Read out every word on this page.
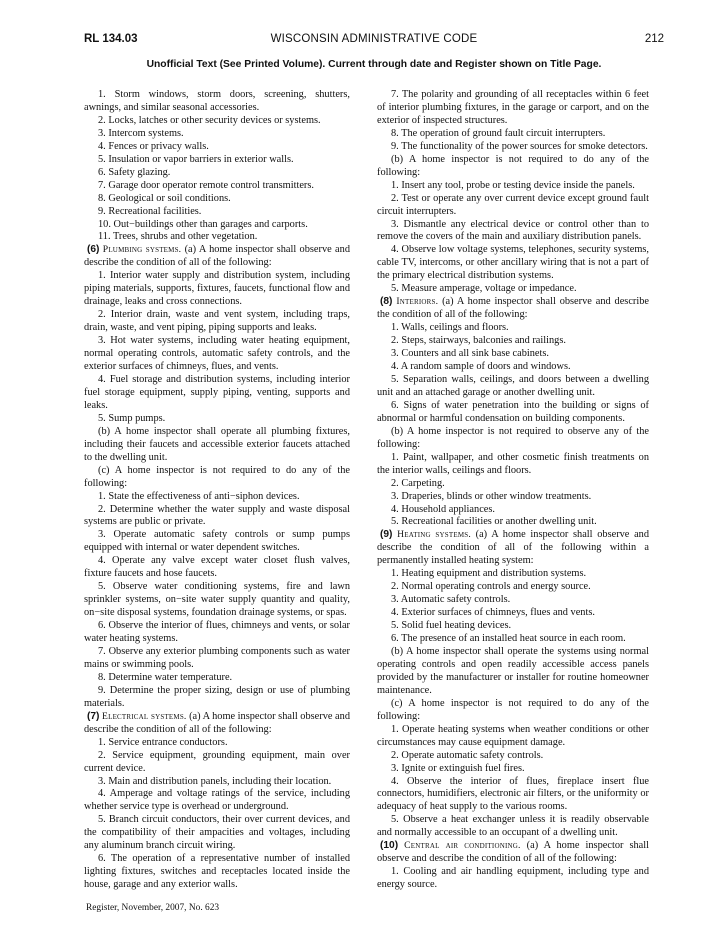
RL 134.03	WISCONSIN ADMINISTRATIVE CODE	212
Unofficial Text (See Printed Volume). Current through date and Register shown on Title Page.

1. Storm windows, storm doors, screening, shutters, awnings, and similar seasonal accessories.

2. Locks, latches or other security devices or systems.

3. Intercom systems.

4. Fences or privacy walls.

5. Insulation or vapor barriers in exterior walls.

6. Safety glazing.

7. Garage door operator remote control transmitters.

8. Geological or soil conditions.

9. Recreational facilities.

10. Out−buildings other than garages and carports.

11. Trees, shrubs and other vegetation.

(6) Plumbing systems. (a) A home inspector shall observe and describe the condition of all of the following:

1. Interior water supply and distribution system, including piping materials, supports, fixtures, faucets, functional flow and drainage, leaks and cross connections.

2. Interior drain, waste and vent system, including traps, drain, waste, and vent piping, piping supports and leaks.

3. Hot water systems, including water heating equipment, normal operating controls, automatic safety controls, and the exterior surfaces of chimneys, flues, and vents.

4. Fuel storage and distribution systems, including interior fuel storage equipment, supply piping, venting, supports and leaks.

5. Sump pumps.

(b) A home inspector shall operate all plumbing fixtures, including their faucets and accessible exterior faucets attached to the dwelling unit.

(c) A home inspector is not required to do any of the following:

1. State the effectiveness of anti−siphon devices.

2. Determine whether the water supply and waste disposal systems are public or private.

3. Operate automatic safety controls or sump pumps equipped with internal or water dependent switches.

4. Operate any valve except water closet flush valves, fixture faucets and hose faucets.

5. Observe water conditioning systems, fire and lawn sprinkler systems, on−site water supply quantity and quality, on−site disposal systems, foundation drainage systems, or spas.

6. Observe the interior of flues, chimneys and vents, or solar water heating systems.

7. Observe any exterior plumbing components such as water mains or swimming pools.

8. Determine water temperature.

9. Determine the proper sizing, design or use of plumbing materials.

(7) Electrical systems. (a) A home inspector shall observe and describe the condition of all of the following:

1. Service entrance conductors.

2. Service equipment, grounding equipment, main over current device.

3. Main and distribution panels, including their location.

4. Amperage and voltage ratings of the service, including whether service type is overhead or underground.

5. Branch circuit conductors, their over current devices, and the compatibility of their ampacities and voltages, including any aluminum branch circuit wiring.

6. The operation of a representative number of installed lighting fixtures, switches and receptacles located inside the house, garage and any exterior walls.

7. The polarity and grounding of all receptacles within 6 feet of interior plumbing fixtures, in the garage or carport, and on the exterior of inspected structures.

8. The operation of ground fault circuit interrupters.

9. The functionality of the power sources for smoke detectors.

(b) A home inspector is not required to do any of the following:

1. Insert any tool, probe or testing device inside the panels.

2. Test or operate any over current device except ground fault circuit interrupters.

3. Dismantle any electrical device or control other than to remove the covers of the main and auxiliary distribution panels.

4. Observe low voltage systems, telephones, security systems, cable TV, intercoms, or other ancillary wiring that is not a part of the primary electrical distribution systems.

5. Measure amperage, voltage or impedance.

(8) Interiors. (a) A home inspector shall observe and describe the condition of all of the following:

1. Walls, ceilings and floors.

2. Steps, stairways, balconies and railings.

3. Counters and all sink base cabinets.

4. A random sample of doors and windows.

5. Separation walls, ceilings, and doors between a dwelling unit and an attached garage or another dwelling unit.

6. Signs of water penetration into the building or signs of abnormal or harmful condensation on building components.

(b) A home inspector is not required to observe any of the following:

1. Paint, wallpaper, and other cosmetic finish treatments on the interior walls, ceilings and floors.

2. Carpeting.

3. Draperies, blinds or other window treatments.

4. Household appliances.

5. Recreational facilities or another dwelling unit.

(9) Heating systems. (a) A home inspector shall observe and describe the condition of all of the following within a permanently installed heating system:

1. Heating equipment and distribution systems.

2. Normal operating controls and energy source.

3. Automatic safety controls.

4. Exterior surfaces of chimneys, flues and vents.

5. Solid fuel heating devices.

6. The presence of an installed heat source in each room.

(b) A home inspector shall operate the systems using normal operating controls and open readily accessible access panels provided by the manufacturer or installer for routine homeowner maintenance.

(c) A home inspector is not required to do any of the following:

1. Operate heating systems when weather conditions or other circumstances may cause equipment damage.

2. Operate automatic safety controls.

3. Ignite or extinguish fuel fires.

4. Observe the interior of flues, fireplace insert flue connectors, humidifiers, electronic air filters, or the uniformity or adequacy of heat supply to the various rooms.

5. Observe a heat exchanger unless it is readily observable and normally accessible to an occupant of a dwelling unit.

(10) Central air conditioning. (a) A home inspector shall observe and describe the condition of all of the following:

1. Cooling and air handling equipment, including type and energy source.

Register, November, 2007, No. 623
